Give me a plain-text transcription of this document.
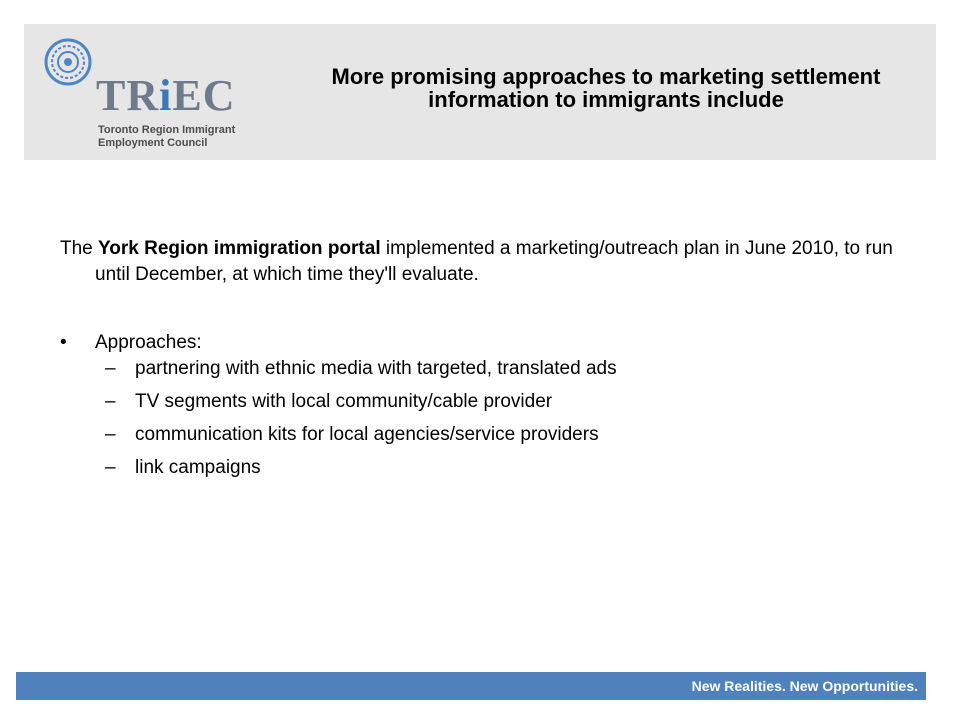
TRiEC
Toronto Region Immigrant
Employment Council
More promising approaches to marketing settlement information to immigrants include

The York Region immigration portal implemented a marketing/outreach plan in June 2010, to run until December, at which time they'll evaluate.

• Approaches:
– partnering with ethnic media with targeted, translated ads
– TV segments with local community/cable provider
– communication kits for local agencies/service providers
– link campaigns
New Realities. New Opportunities.
